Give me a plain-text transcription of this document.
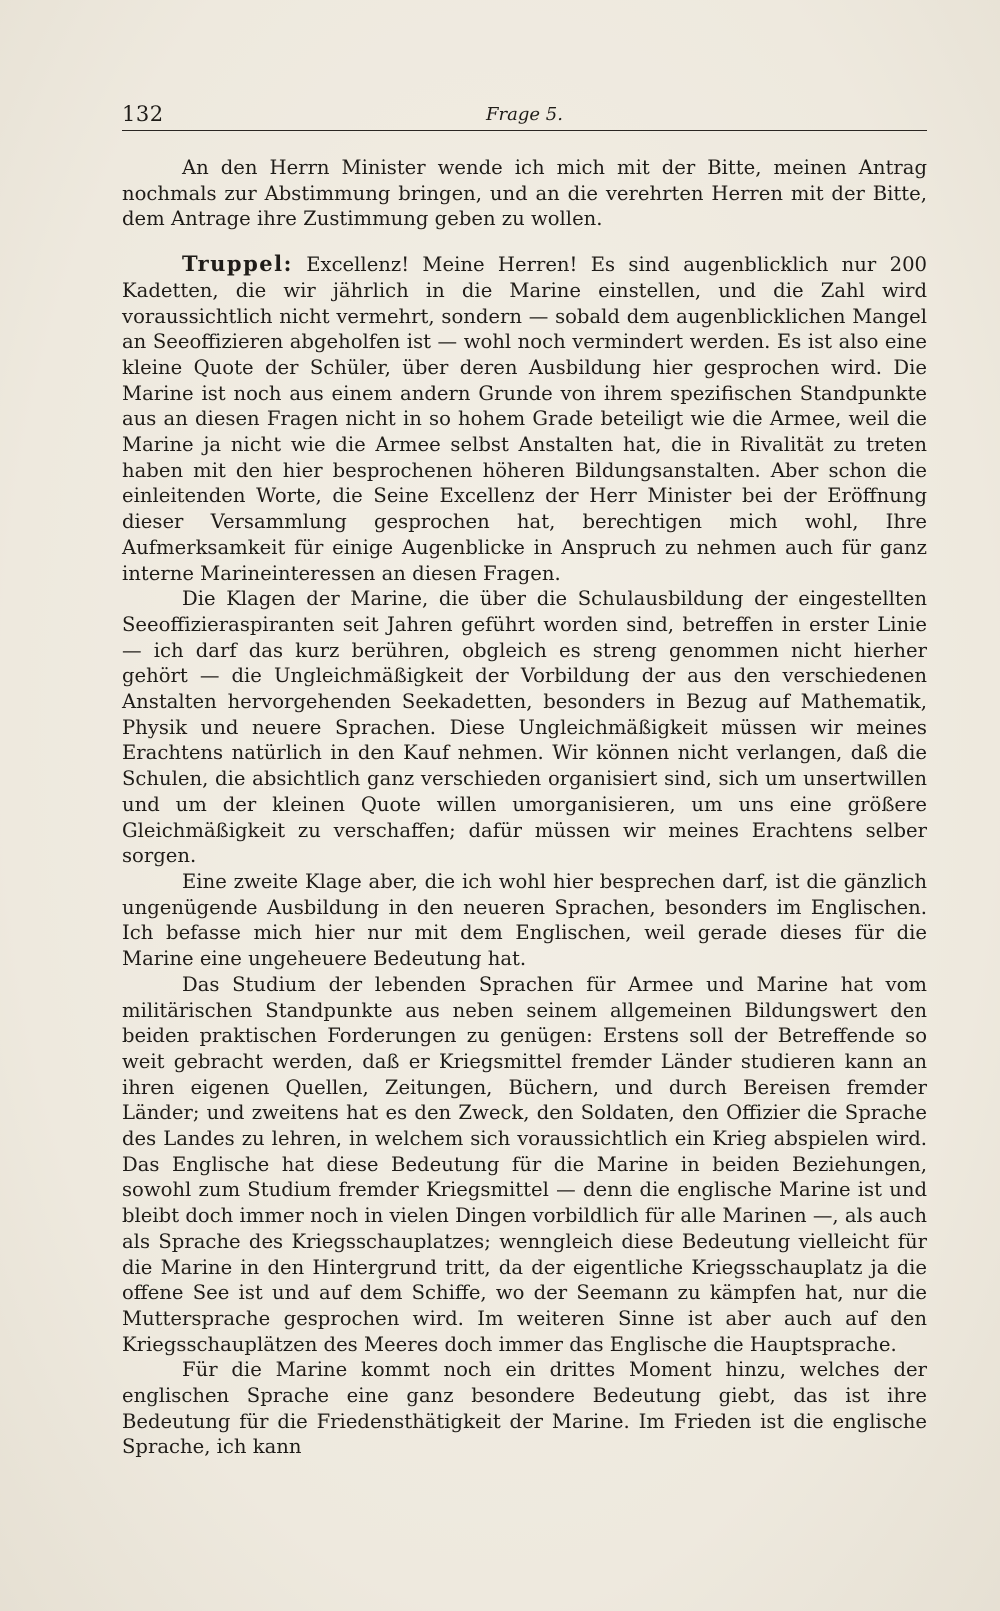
132	Frage 5.

An den Herrn Minister wende ich mich mit der Bitte, meinen Antrag nochmals zur Abstimmung bringen, und an die verehrten Herren mit der Bitte, dem Antrage ihre Zustimmung geben zu wollen.

Truppel: Excellenz! Meine Herren! Es sind augenblicklich nur 200 Kadetten, die wir jährlich in die Marine einstellen, und die Zahl wird voraussichtlich nicht vermehrt, sondern — sobald dem augenblicklichen Mangel an Seeoffizieren abgeholfen ist — wohl noch vermindert werden. Es ist also eine kleine Quote der Schüler, über deren Ausbildung hier gesprochen wird. Die Marine ist noch aus einem andern Grunde von ihrem spezifischen Standpunkte aus an diesen Fragen nicht in so hohem Grade beteiligt wie die Armee, weil die Marine ja nicht wie die Armee selbst Anstalten hat, die in Rivalität zu treten haben mit den hier besprochenen höheren Bildungsanstalten. Aber schon die einleitenden Worte, die Seine Excellenz der Herr Minister bei der Eröffnung dieser Versammlung gesprochen hat, berechtigen mich wohl, Ihre Aufmerksamkeit für einige Augenblicke in Anspruch zu nehmen auch für ganz interne Marineinteressen an diesen Fragen.

Die Klagen der Marine, die über die Schulausbildung der eingestellten Seeoffizieraspiranten seit Jahren geführt worden sind, betreffen in erster Linie — ich darf das kurz berühren, obgleich es streng genommen nicht hierher gehört — die Ungleichmäßigkeit der Vorbildung der aus den verschiedenen Anstalten hervorgehenden Seekadetten, besonders in Bezug auf Mathematik, Physik und neuere Sprachen. Diese Ungleichmäßigkeit müssen wir meines Erachtens natürlich in den Kauf nehmen. Wir können nicht verlangen, daß die Schulen, die absichtlich ganz verschieden organisiert sind, sich um unsertwillen und um der kleinen Quote willen umorganisieren, um uns eine größere Gleichmäßigkeit zu verschaffen; dafür müssen wir meines Erachtens selber sorgen.

Eine zweite Klage aber, die ich wohl hier besprechen darf, ist die gänzlich ungenügende Ausbildung in den neueren Sprachen, besonders im Englischen. Ich befasse mich hier nur mit dem Englischen, weil gerade dieses für die Marine eine ungeheuere Bedeutung hat.

Das Studium der lebenden Sprachen für Armee und Marine hat vom militärischen Standpunkte aus neben seinem allgemeinen Bildungswert den beiden praktischen Forderungen zu genügen: Erstens soll der Betreffende so weit gebracht werden, daß er Kriegsmittel fremder Länder studieren kann an ihren eigenen Quellen, Zeitungen, Büchern, und durch Bereisen fremder Länder; und zweitens hat es den Zweck, den Soldaten, den Offizier die Sprache des Landes zu lehren, in welchem sich voraussichtlich ein Krieg abspielen wird. Das Englische hat diese Bedeutung für die Marine in beiden Beziehungen, sowohl zum Studium fremder Kriegsmittel — denn die englische Marine ist und bleibt doch immer noch in vielen Dingen vorbildlich für alle Marinen —, als auch als Sprache des Kriegsschauplatzes; wenngleich diese Bedeutung vielleicht für die Marine in den Hintergrund tritt, da der eigentliche Kriegsschauplatz ja die offene See ist und auf dem Schiffe, wo der Seemann zu kämpfen hat, nur die Muttersprache gesprochen wird. Im weiteren Sinne ist aber auch auf den Kriegsschauplätzen des Meeres doch immer das Englische die Hauptsprache.

Für die Marine kommt noch ein drittes Moment hinzu, welches der englischen Sprache eine ganz besondere Bedeutung giebt, das ist ihre Bedeutung für die Friedensthätigkeit der Marine. Im Frieden ist die englische Sprache, ich kann
